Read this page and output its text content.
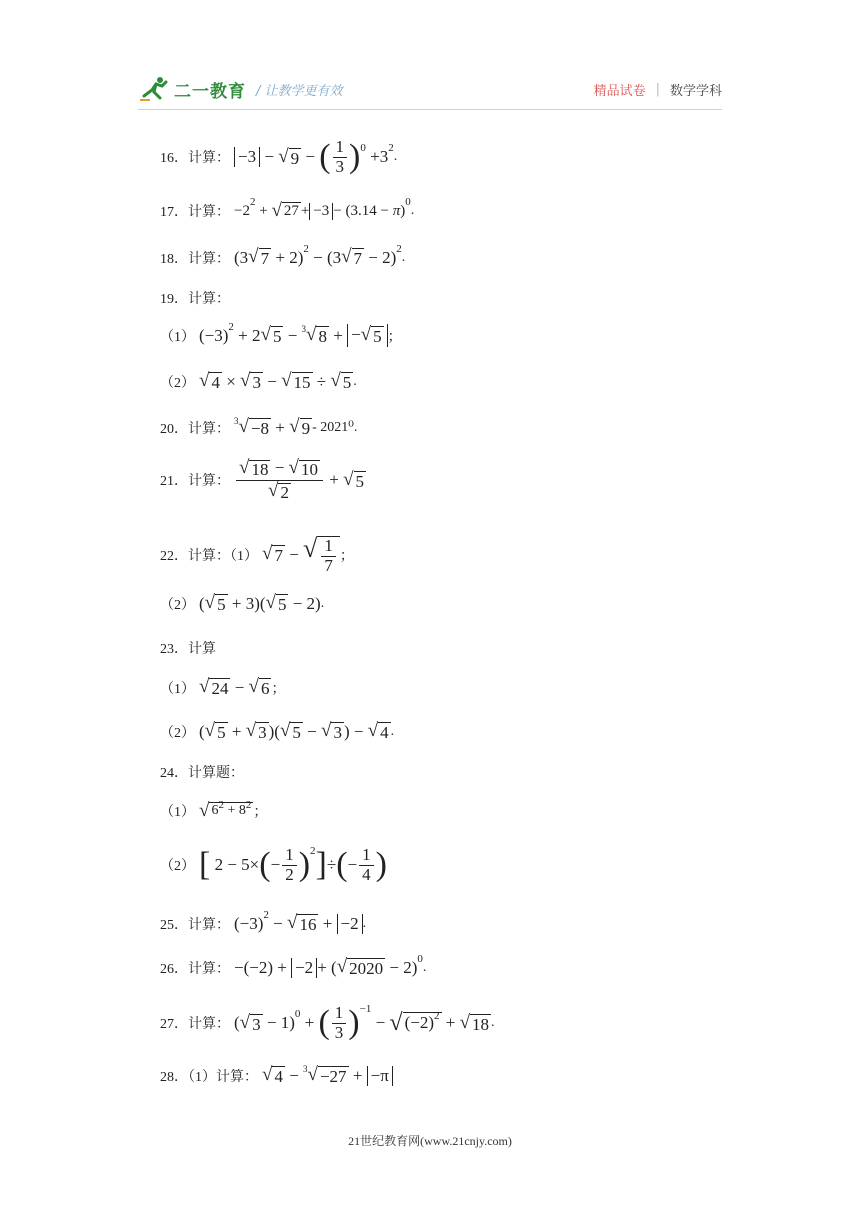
二一教育 / 让教学更有效	精品试卷 | 数学学科
16．计算： −3 − √ 9 − ( $\frac{1}{3}$ ) 0 +3 2
.
17．计算： −2
2
+ √ 27 + −3 − (3.14 − π )
0
.
18．计算： (3 √ 7 + 2) 2 − (3 √ 7 − 2) 2
.
19．计算：
（1） (−3) 2 + 2 √ 5 − $^3$√ 8 + − √ 5 ；
（2） √ 4 × √ 3 − √ 15 ÷ √ 5 .
20．计算：
$^3$√ −8 + √ 9 - 2021⁰.
21．计算： $\frac{√ 18 - √ 10}{√ 2}$ + √ 5
22．计算：（1） √ 7 − √ $\frac{1}{7}$ ；
（2） ( √ 5 + 3)( √ 5 − 2) .
23．计算
（1） √ 24 − √ 6 ；
（2） ( √ 5 + √ 3 )( √ 5 − √ 3 ) − √ 4 .
24．计算题：
（1） √ $6^2 + 8^2$ ；
（2） [ 2 − 5× ( − $\frac{1}{2}$ ) 2 ] ÷ ( − $\frac{1}{4}$ )
25．计算： (−3) 2 − √ 16 + −2 .
26．计算： −(−2) + −2 + ( √ 2020 − 2) 0
.
27．计算： ( √ 3 − 1) 0 + ( $\frac{1}{3}$ ) −1
− √ $(-2)^2$ + √ 18 .
28．（1）计算： √ 4 − $^3$√ −27 + −π
21世纪教育网(www.21cnjy.com)
